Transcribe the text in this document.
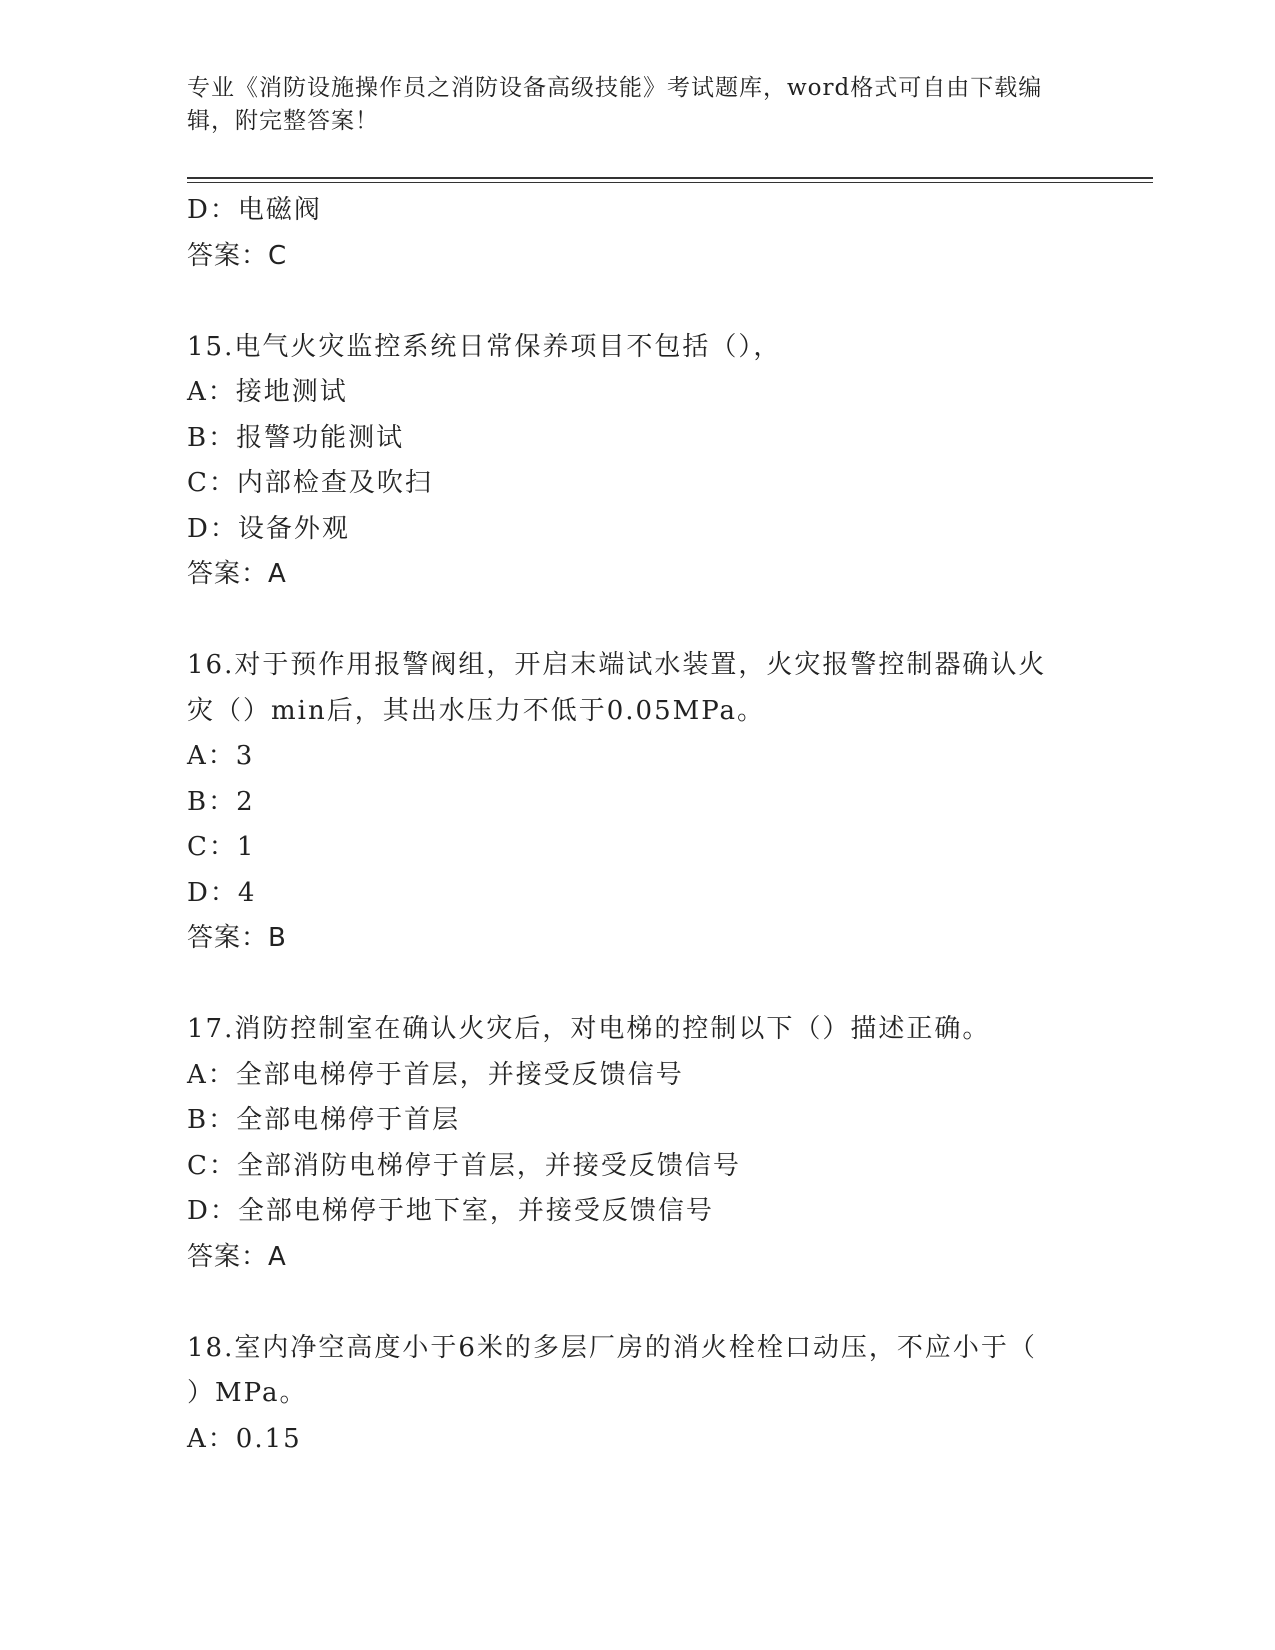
专业《消防设施操作员之消防设备高级技能》考试题库，word格式可自由下载编
辑，附完整答案！
D：电磁阀
答案：C
15.电气火灾监控系统日常保养项目不包括（），
A：接地测试
B：报警功能测试
C：内部检查及吹扫
D：设备外观
答案：A
16.对于预作用报警阀组，开启末端试水装置，火灾报警控制器确认火
灾（）min后，其出水压力不低于0.05MPa。
A：3
B：2
C：1
D：4
答案：B
17.消防控制室在确认火灾后，对电梯的控制以下（）描述正确。
A：全部电梯停于首层，并接受反馈信号
B：全部电梯停于首层
C：全部消防电梯停于首层，并接受反馈信号
D：全部电梯停于地下室，并接受反馈信号
答案：A
18.室内净空高度小于6米的多层厂房的消火栓栓口动压，不应小于（
）MPa。
A：0.15
